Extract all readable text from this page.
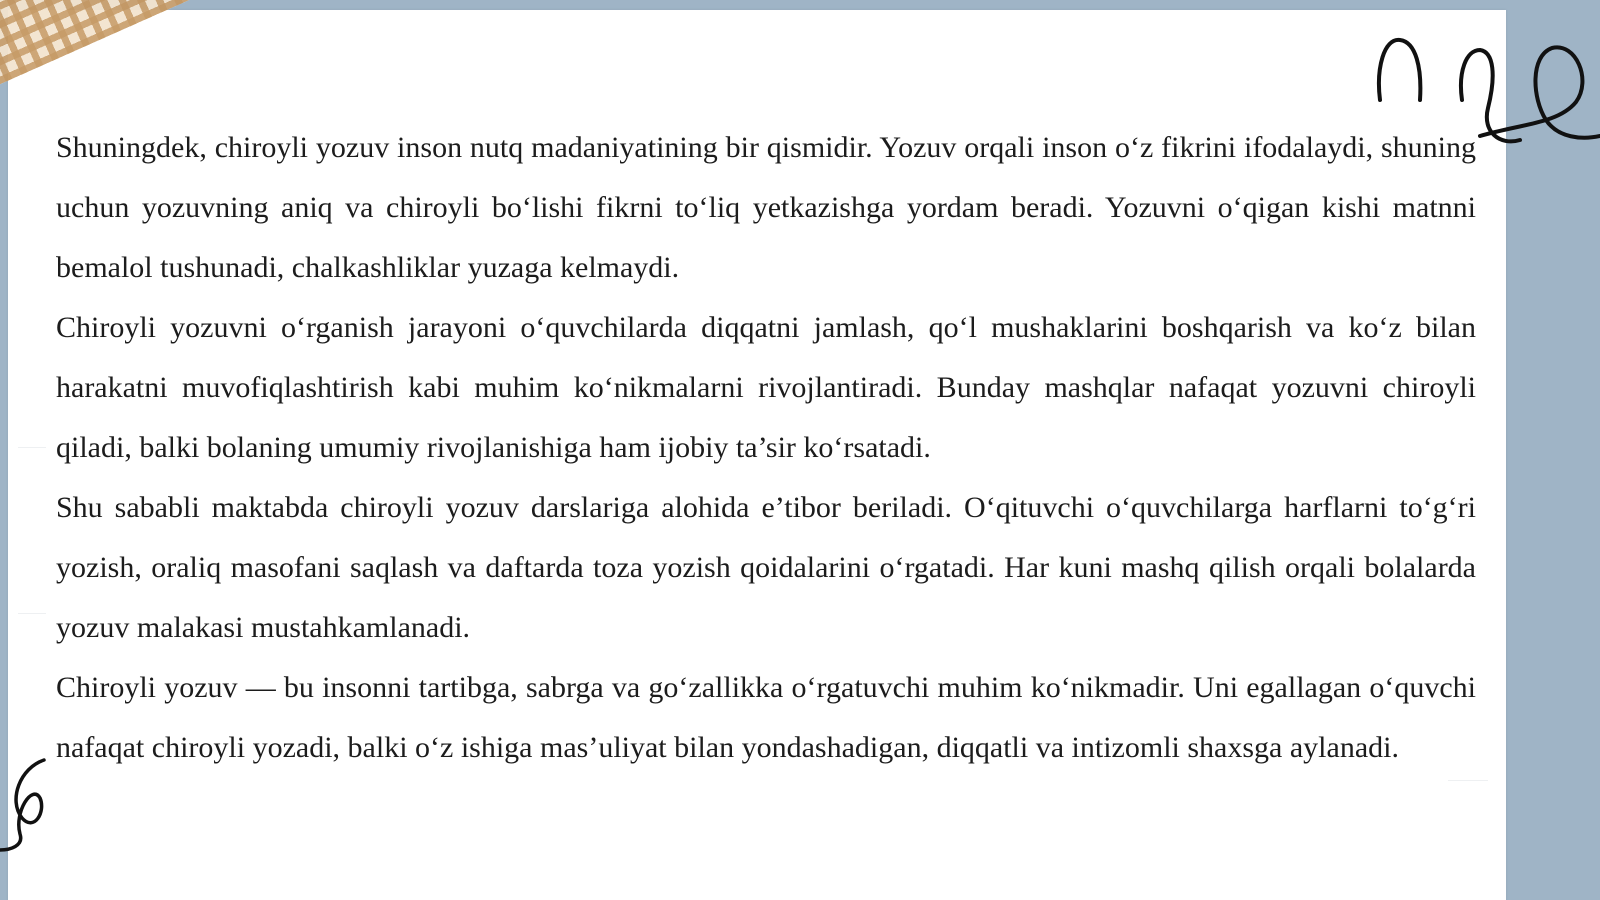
Shuningdek, chiroyli yozuv inson nutq madaniyatining bir qismidir. Yozuv orqali inson o‘z fikrini ifodalaydi, shuning uchun yozuvning aniq va chiroyli bo‘lishi fikrni to‘liq yetkazishga yordam beradi. Yozuvni o‘qigan kishi matnni bemalol tushunadi, chalkashliklar yuzaga kelmaydi.

Chiroyli yozuvni o‘rganish jarayoni o‘quvchilarda diqqatni jamlash, qo‘l mushaklarini boshqarish va ko‘z bilan harakatni muvofiqlashtirish kabi muhim ko‘nikmalarni rivojlantiradi. Bunday mashqlar nafaqat yozuvni chiroyli qiladi, balki bolaning umumiy rivojlanishiga ham ijobiy ta’sir ko‘rsatadi.

Shu sababli maktabda chiroyli yozuv darslariga alohida e’tibor beriladi. O‘qituvchi o‘quvchilarga harflarni to‘g‘ri yozish, oraliq masofani saqlash va daftarda toza yozish qoidalarini o‘rgatadi. Har kuni mashq qilish orqali bolalarda yozuv malakasi mustahkamlanadi.

Chiroyli yozuv — bu insonni tartibga, sabrga va go‘zallikka o‘rgatuvchi muhim ko‘nikmadir. Uni egallagan o‘quvchi nafaqat chiroyli yozadi, balki o‘z ishiga mas’uliyat bilan yondashadigan, diqqatli va intizomli shaxsga aylanadi.
